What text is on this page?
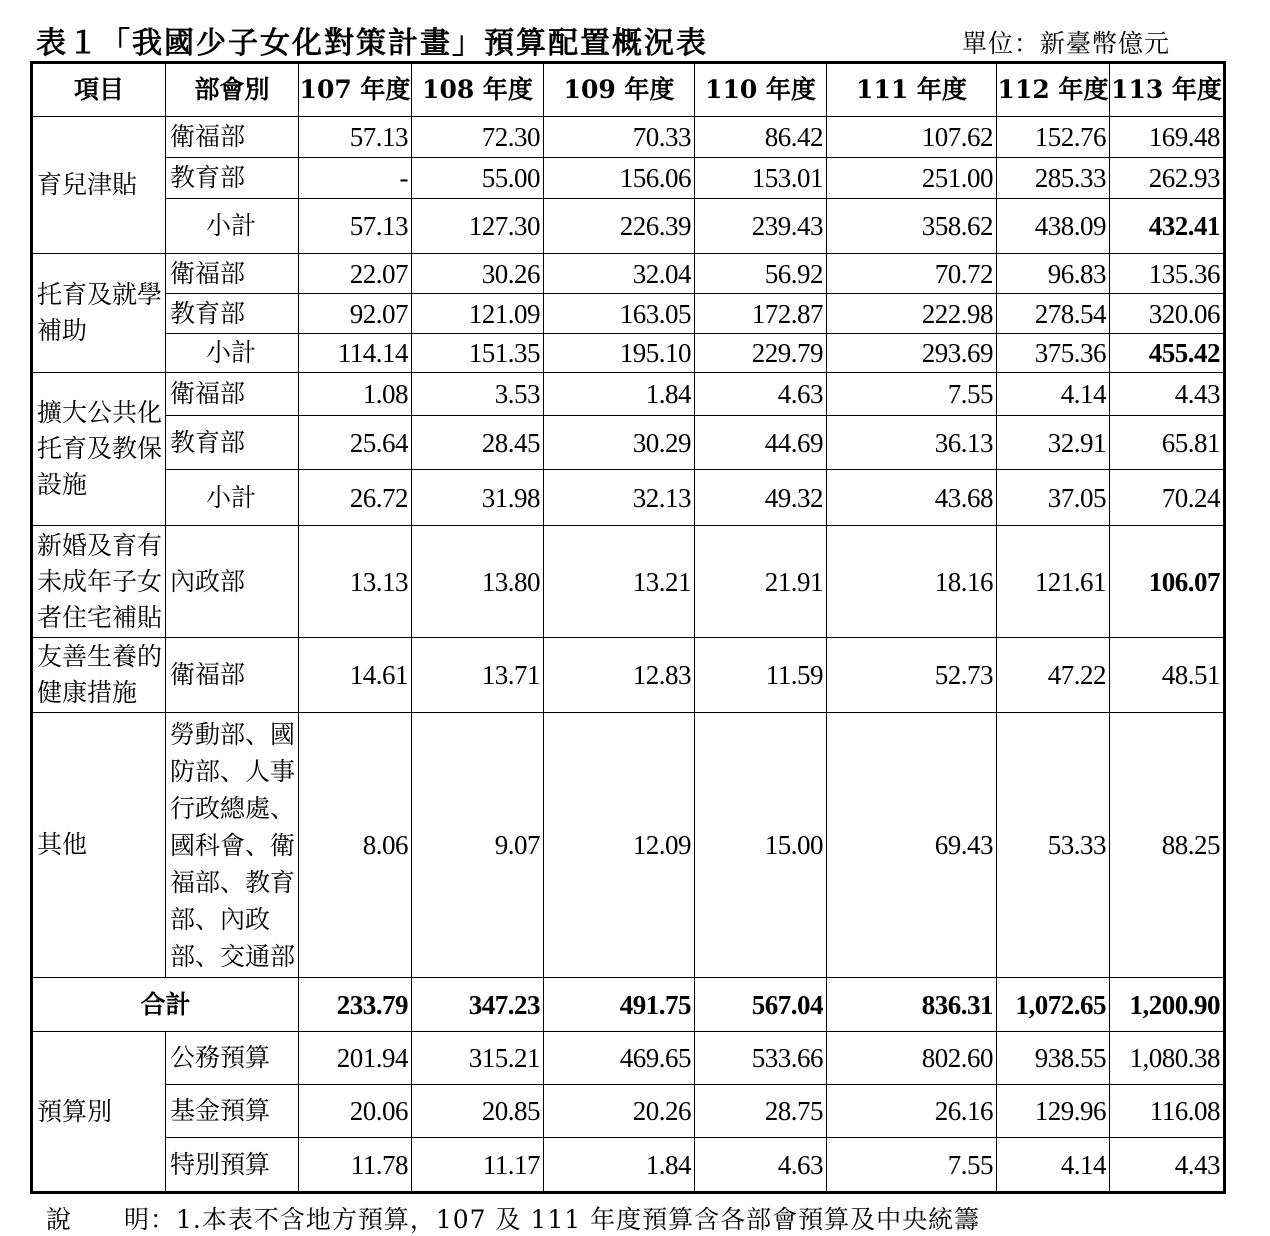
表１「我國少子女化對策計畫」預算配置概況表	單位：新臺幣億元
項目	部會別	107 年度	108 年度	109 年度	110 年度	111 年度	112 年度	113 年度
育兒津貼	衛福部	57.13	72.30	70.33	86.42	107.62	152.76	169.48
	教育部	-	55.00	156.06	153.01	251.00	285.33	262.93
	小計	57.13	127.30	226.39	239.43	358.62	438.09	432.41
托育及就學補助	衛福部	22.07	30.26	32.04	56.92	70.72	96.83	135.36
	教育部	92.07	121.09	163.05	172.87	222.98	278.54	320.06
	小計	114.14	151.35	195.10	229.79	293.69	375.36	455.42
擴大公共化托育及教保設施	衛福部	1.08	3.53	1.84	4.63	7.55	4.14	4.43
	教育部	25.64	28.45	30.29	44.69	36.13	32.91	65.81
	小計	26.72	31.98	32.13	49.32	43.68	37.05	70.24
新婚及育有未成年子女者住宅補貼	內政部	13.13	13.80	13.21	21.91	18.16	121.61	106.07
友善生養的健康措施	衛福部	14.61	13.71	12.83	11.59	52.73	47.22	48.51
其他	勞動部、國防部、人事行政總處、國科會、衛福部、教育部、內政部、交通部	8.06	9.07	12.09	15.00	69.43	53.33	88.25
合計		233.79	347.23	491.75	567.04	836.31	1,072.65	1,200.90
預算別	公務預算	201.94	315.21	469.65	533.66	802.60	938.55	1,080.38
	基金預算	20.06	20.85	20.26	28.75	26.16	129.96	116.08
	特別預算	11.78	11.17	1.84	4.63	7.55	4.14	4.43
說　　明：1.本表不含地方預算，107 及 111 年度預算含各部會預算及中央統籌
